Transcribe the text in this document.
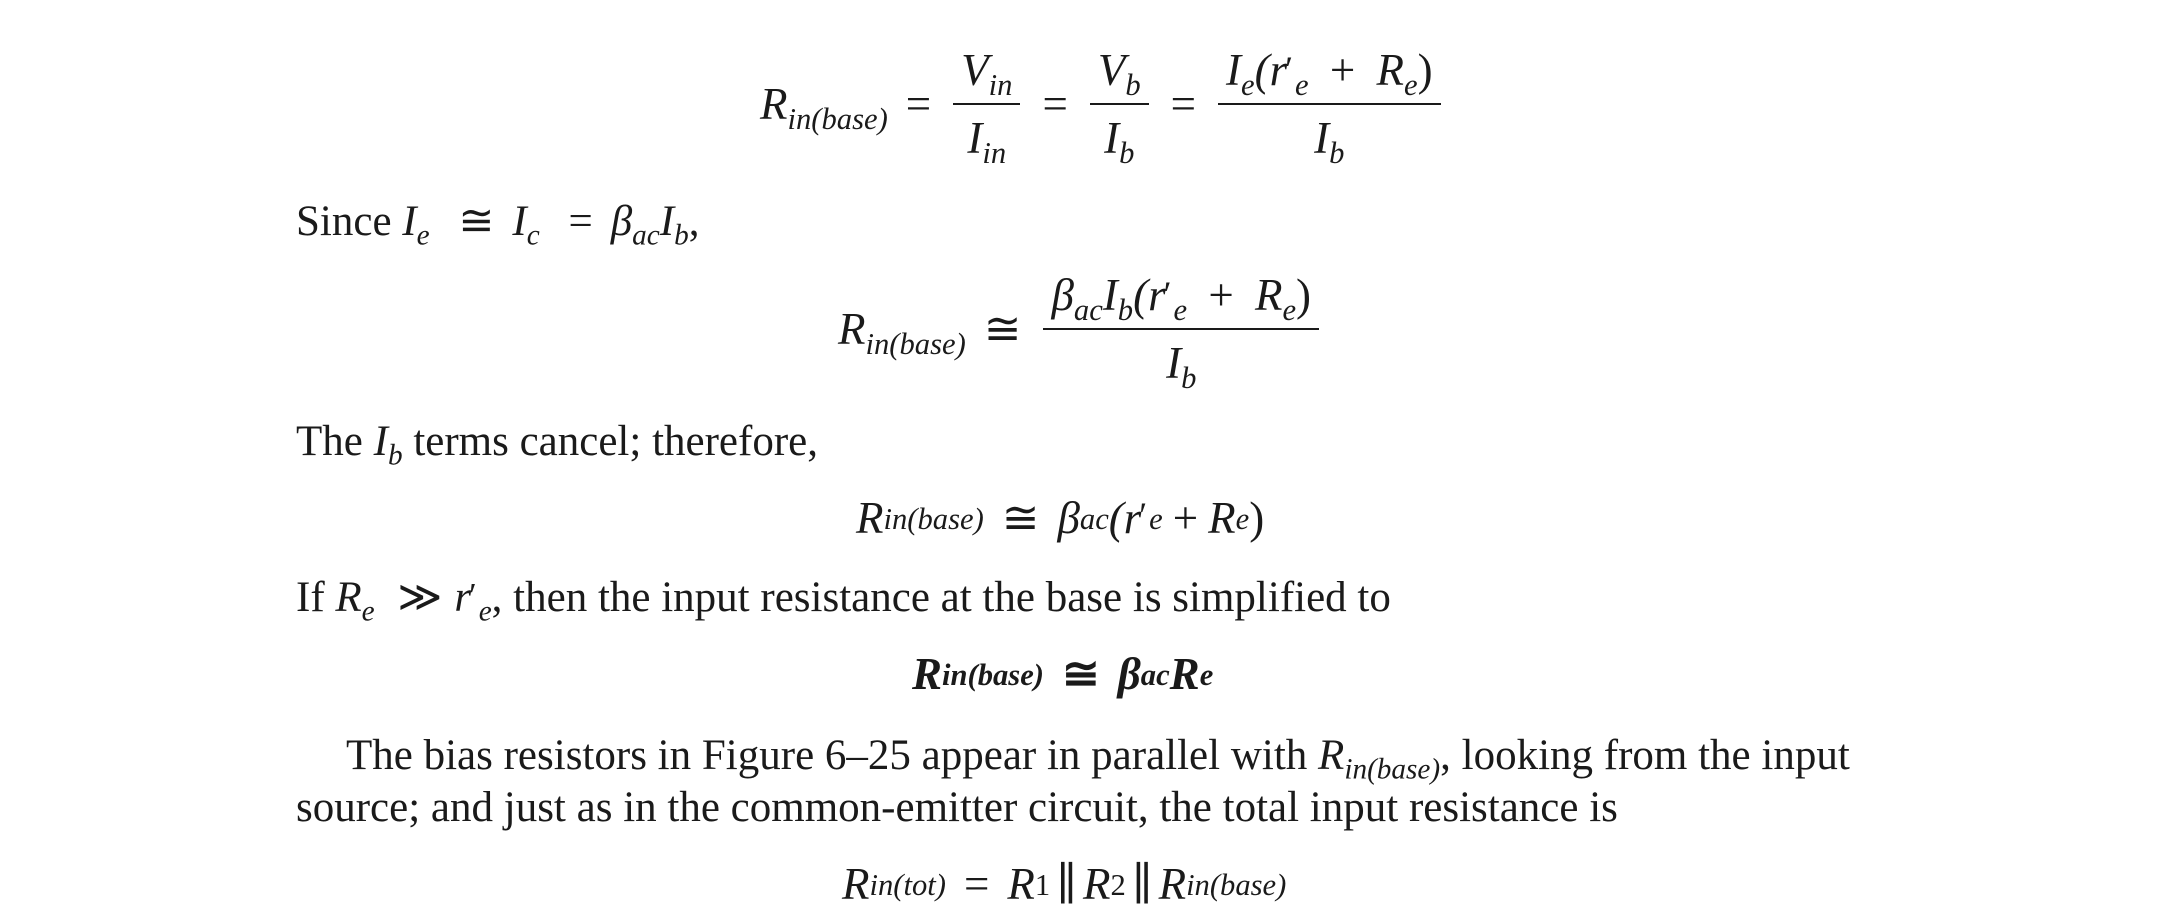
$R_{in(base)} = \frac{V_{in}}{I_{in}} = \frac{V_b}{I_b} = \frac{I_e(r'_e + R_e)}{I_b}$
Since $I_e$ ≅ $I_c = \beta_{ac}I_b$,
$R_{in(base)}$ ≅ $\frac{\beta_{ac}I_b(r'_e + R_e)}{I_b}$
The $I_b$ terms cancel; therefore,
R in(base) ≅ β ac (r
′ e + R e )
If $R_e$ ≫ $r'_e$, then the input resistance at the base is simplified to
R in(base) ≅ β ac R e
The bias resistors in Figure 6–25 appear in parallel with $R_{in(base)}$, looking from the input
source; and just as in the common-emitter circuit, the total input resistance is
R in(tot) = R 1 ∥ R 2 ∥ R in(base)
